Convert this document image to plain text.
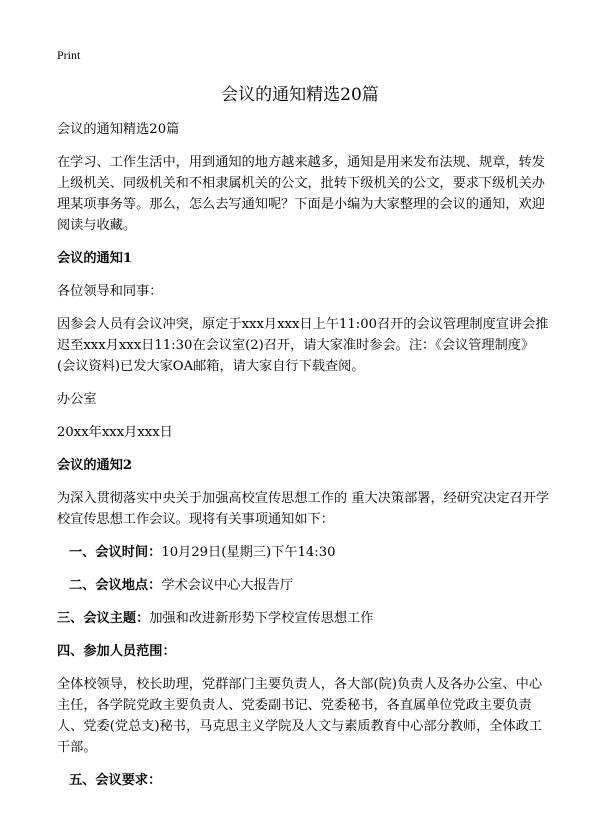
Print
会议的通知精选20篇

会议的通知精选20篇

在学习、工作生活中，用到通知的地方越来越多，通知是用来发布法规、规章，转发上级机关、同级机关和不相隶属机关的公文，批转下级机关的公文，要求下级机关办理某项事务等。那么，怎么去写通知呢？下面是小编为大家整理的会议的通知，欢迎阅读与收藏。

会议的通知1

各位领导和同事：

因参会人员有会议冲突，原定于xxx月xxx日上午11:00召开的会议管理制度宣讲会推迟至xxx月xxx日11:30在会议室(2)召开，请大家准时参会。注：《会议管理制度》(会议资料)已发大家OA邮箱，请大家自行下载查阅。

办公室

20xx年xxx月xxx日

会议的通知2

为深入贯彻落实中央关于加强高校宣传思想工作的 重大决策部署，经研究决定召开学校宣传思想工作会议。现将有关事项通知如下：

一、会议时间：10月29日(星期三)下午14:30

二、会议地点：学术会议中心大报告厅

三、会议主题：加强和改进新形势下学校宣传思想工作

四、参加人员范围：

全体校领导，校长助理，党群部门主要负责人，各大部(院)负责人及各办公室、中心主任，各学院党政主要负责人、党委副书记、党委秘书，各直属单位党政主要负责人、党委(党总支)秘书，马克思主义学院及人文与素质教育中心部分教师，全体政工干部。

五、会议要求：
